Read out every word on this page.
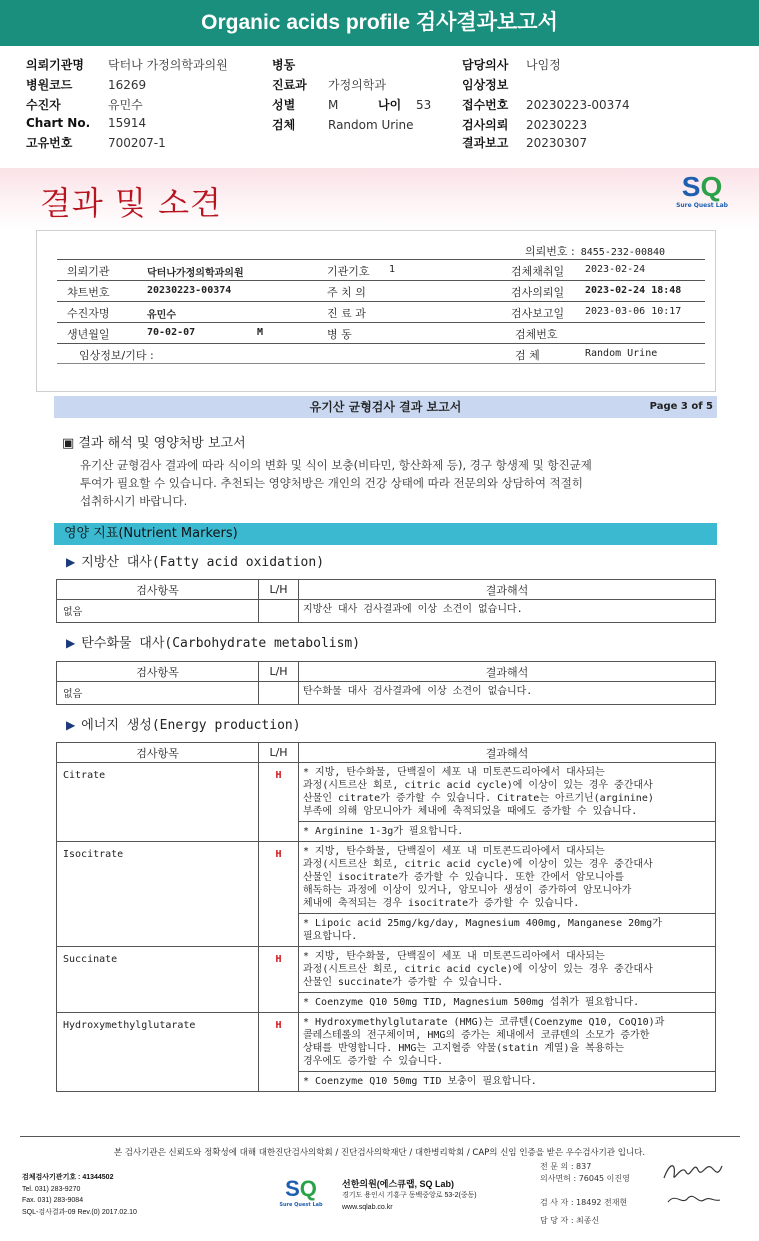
Organic acids profile 검사결과보고서
의뢰기관명 닥터나 가정의학과의원
병원코드	16269
수진자	유민수
Chart No. 15914
고유번호	700207-1
병동
진료과 가정의학과
성별	M	나이 53
검체	Random Urine
담당의사 나임정
임상정보
접수번호 20230223-00374
검사의뢰 20230223
결과보고 20230307
결과 및 소견	SQ
Sure Quest Lab
의뢰번호 : 8455-232-00840
의뢰기관	닥터나가정의학과의원	기관기호 1	검체채취일 2023-02-24
챠트번호	20230223-00374	주 치 의	검사의뢰일 2023-02-24 18:48
수진자명	유민수	진 료 과	검사보고일 2023-03-06 10:17
생년월일	70-02-07	M	병 동	검체번호
임상정보/기타 :	검 체	Random Urine
유기산 균형검사 결과 보고서	Page 3 of 5
▣ 결과 해석 및 영양처방 보고서
유기산 균형검사 결과에 따라 식이의 변화 및 식이 보충(비타민, 항산화제 등), 경구 항생제 및 항진균제
투여가 필요할 수 있습니다. 추천되는 영양처방은 개인의 건강 상태에 따라 전문의와 상담하여 적절히
섭취하시기 바랍니다.
영양 지표(Nutrient Markers)
▶ 지방산 대사(Fatty acid oxidation)
검사항목	L/H	결과해석
없음		지방산 대사 검사결과에 이상 소견이 없습니다.
▶ 탄수화물 대사(Carbohydrate metabolism)
검사항목	L/H	결과해석
없음		탄수화물 대사 검사결과에 이상 소견이 없습니다.
▶ 에너지 생성(Energy production)
검사항목	L/H	결과해석
Citrate	H	* 지방, 탄수화물, 단백질이 세포 내 미토콘드리아에서 대사되는
과정(시트르산 회로, citric acid cycle)에 이상이 있는 경우 중간대사
산물인 citrate가 증가할 수 있습니다. Citrate는 아르기닌(arginine)
부족에 의해 암모니아가 체내에 축적되었을 때에도 증가할 수 있습니다.

		* Arginine 1-3g가 필요합니다.

Isocitrate	H	* 지방, 탄수화물, 단백질이 세포 내 미토콘드리아에서 대사되는
과정(시트르산 회로, citric acid cycle)에 이상이 있는 경우 중간대사
산물인 isocitrate가 증가할 수 있습니다. 또한 간에서 암모니아를
해독하는 과정에 이상이 있거나, 암모니아 생성이 증가하여 암모니아가
체내에 축적되는 경우 isocitrate가 증가할 수 있습니다.

		* Lipoic acid 25mg/kg/day, Magnesium 400mg, Manganese 20mg가
필요합니다.

Succinate	H	* 지방, 탄수화물, 단백질이 세포 내 미토콘드리아에서 대사되는
과정(시트르산 회로, citric acid cycle)에 이상이 있는 경우 중간대사
산물인 succinate가 증가할 수 있습니다.

		* Coenzyme Q10 50mg TID, Magnesium 500mg 섭취가 필요합니다.

Hydroxymethylglutarate	H	* Hydroxymethylglutarate (HMG)는 코큐텐(Coenzyme Q10, CoQ10)과
콜레스테롤의 전구체이며, HMG의 증가는 체내에서 코큐텐의 소모가 증가한
상태를 반영합니다. HMG는 고지혈증 약물(statin 계열)을 복용하는
경우에도 증가할 수 있습니다.

		* Coenzyme Q10 50mg TID 보충이 필요합니다.
본 검사기관은 신뢰도와 정확성에 대해 대한진단검사의학회 / 진단검사의학재단 / 대한병리학회 / CAP의 신임 인증을 받은 우수검사기관 입니다.
검체검사기관기호 : 41344502
Tel. 031) 283-9270
Fax. 031) 283-9084
SQL-검사결과-09 Rev.(0) 2017.02.10
SQ
Sure Quest Lab
선한의원(에스큐랩, SQ Lab)
경기도 용인시 기흥구 동백중앙로 53-2(중동)
www.sqlab.co.kr
전 문 의 : 837
의사면허 : 76045 이진영
검 사 자 : 18492 전재현
담 당 자 : 최종신
